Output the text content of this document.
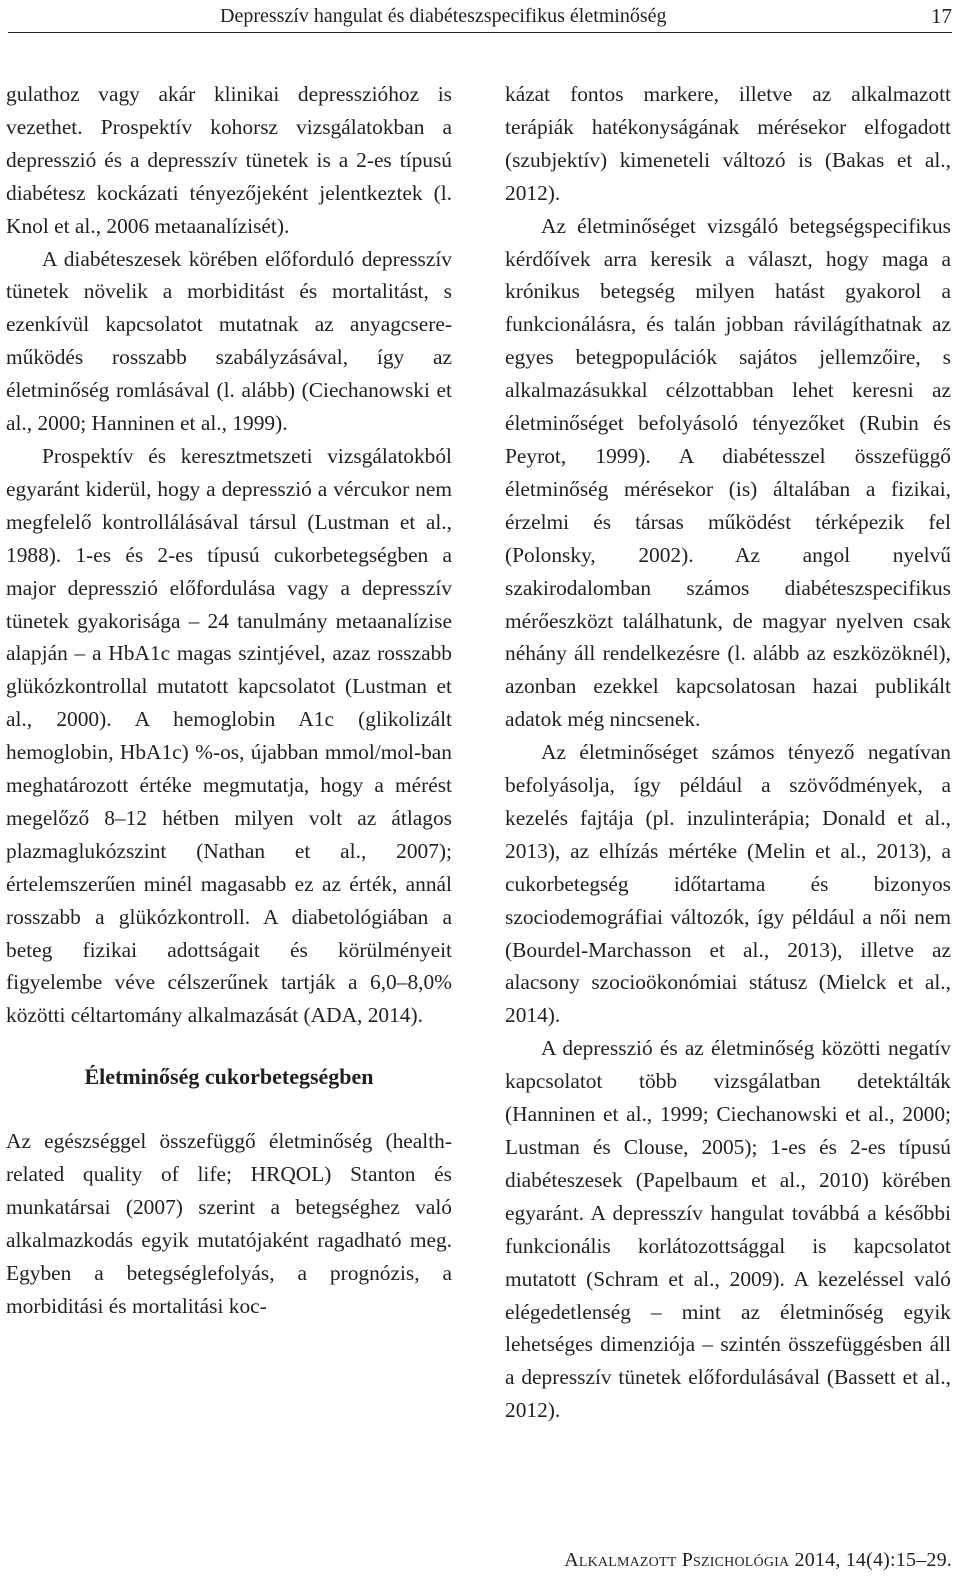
Depresszív hangulat és diabéteszspecifikus életminőség	17

gulathoz vagy akár klinikai depresszióhoz is vezethet. Prospektív kohorsz vizsgálatokban a depresszió és a depresszív tünetek is a 2-es típusú diabétesz kockázati tényezőjeként jelentkeztek (l. Knol et al., 2006 metaanalízisét).

A diabéteszesek körében előforduló depresszív tünetek növelik a morbiditást és mortalitást, s ezenkívül kapcsolatot mutatnak az anyagcsere-működés rosszabb szabályzásával, így az életminőség romlásával (l. alább) (Ciechanowski et al., 2000; Hanninen et al., 1999).

Prospektív és keresztmetszeti vizsgálatokból egyaránt kiderül, hogy a depresszió a vércukor nem megfelelő kontrollálásával társul (Lustman et al., 1988). 1-es és 2-es típusú cukorbetegségben a major depresszió előfordulása vagy a depresszív tünetek gyakorisága – 24 tanulmány metaanalízise alapján – a HbA1c magas szintjével, azaz rosszabb glükózkontrollal mutatott kapcsolatot (Lustman et al., 2000). A hemoglobin A1c (glikolizált hemoglobin, HbA1c) %-os, újabban mmol/mol-ban meghatározott értéke megmutatja, hogy a mérést megelőző 8–12 hétben milyen volt az átlagos plazmaglukózszint (Nathan et al., 2007); értelemszerűen minél magasabb ez az érték, annál rosszabb a glükózkontroll. A diabetológiában a beteg fizikai adottságait és körülményeit figyelembe véve célszerűnek tartják a 6,0–8,0% közötti céltartomány alkalmazását (ADA, 2014).

Életminőség cukorbetegségben

Az egészséggel összefüggő életminőség (health-related quality of life; HRQOL) Stanton és munkatársai (2007) szerint a betegséghez való alkalmazkodás egyik mutatójaként ragadható meg. Egyben a betegséglefolyás, a prognózis, a morbiditási és mortalitási koc-

kázat fontos markere, illetve az alkalmazott terápiák hatékonyságának mérésekor elfogadott (szubjektív) kimeneteli változó is (Bakas et al., 2012).

Az életminőséget vizsgáló betegségspecifikus kérdőívek arra keresik a választ, hogy maga a krónikus betegség milyen hatást gyakorol a funkcionálásra, és talán jobban rávilágíthatnak az egyes betegpopulációk sajátos jellemzőire, s alkalmazásukkal célzottabban lehet keresni az életminőséget befolyásoló tényezőket (Rubin és Peyrot, 1999). A diabétesszel összefüggő életminőség mérésekor (is) általában a fizikai, érzelmi és társas működést térképezik fel (Polonsky, 2002). Az angol nyelvű szakirodalomban számos diabéteszspecifikus mérőeszközt találhatunk, de magyar nyelven csak néhány áll rendelkezésre (l. alább az eszközöknél), azonban ezekkel kapcsolatosan hazai publikált adatok még nincsenek.

Az életminőséget számos tényező negatívan befolyásolja, így például a szövődmények, a kezelés fajtája (pl. inzulinterápia; Donald et al., 2013), az elhízás mértéke (Melin et al., 2013), a cukorbetegség időtartama és bizonyos szociodemográfiai változók, így például a női nem (Bourdel-Marchasson et al., 2013), illetve az alacsony szocioökonómiai státusz (Mielck et al., 2014).

A depresszió és az életminőség közötti negatív kapcsolatot több vizsgálatban detektálták (Hanninen et al., 1999; Ciechanowski et al., 2000; Lustman és Clouse, 2005); 1-es és 2-es típusú diabéteszesek (Papelbaum et al., 2010) körében egyaránt. A depresszív hangulat továbbá a későbbi funkcionális korlátozottsággal is kapcsolatot mutatott (Schram et al., 2009). A kezeléssel való elégedetlenség – mint az életminőség egyik lehetséges dimenziója – szintén összefüggésben áll a depresszív tünetek előfordulásával (Bassett et al., 2012).

Alkalmazott Pszichológia 2014, 14(4):15–29.
